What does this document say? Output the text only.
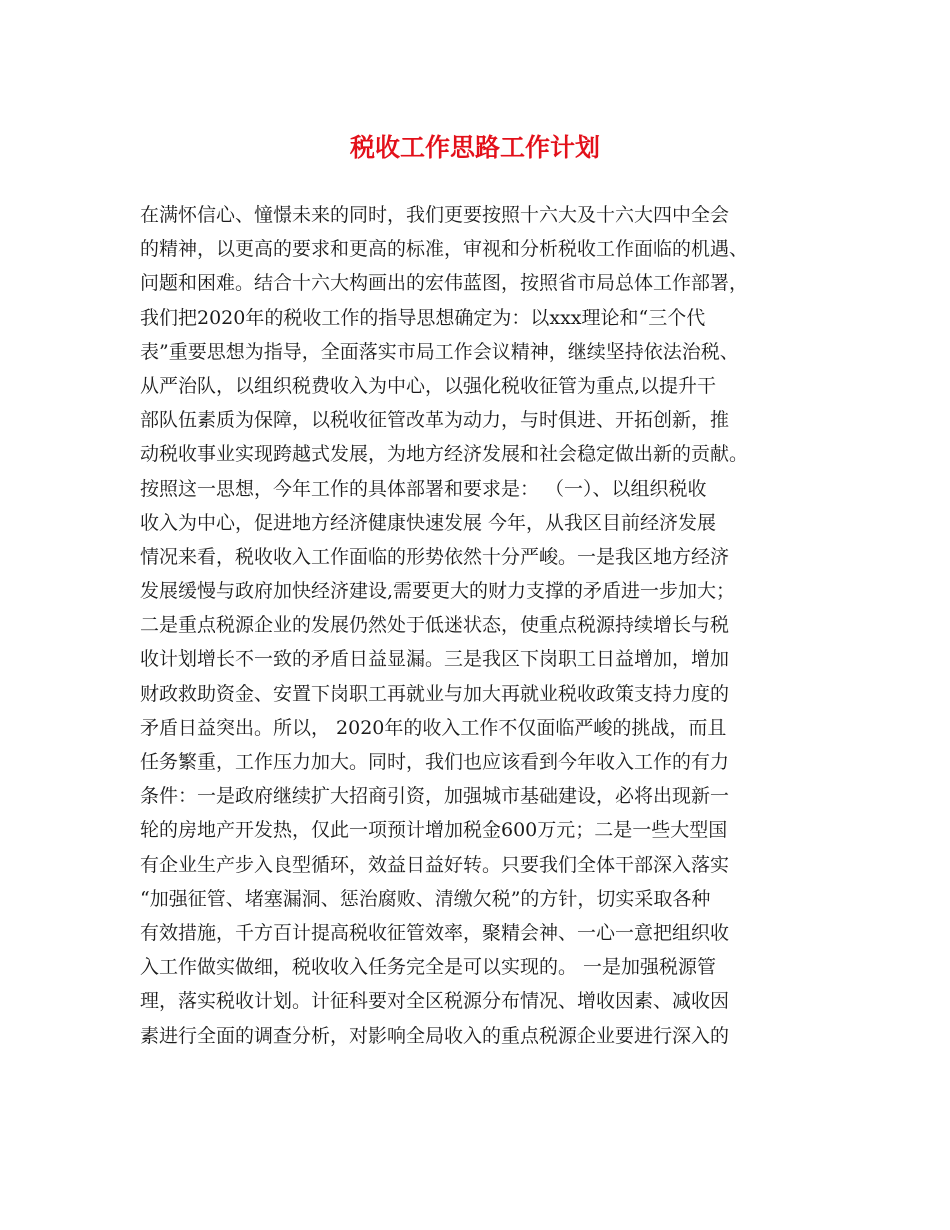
税收工作思路工作计划

在满怀信心、憧憬未来的同时，我们更要按照十六大及十六大四中全会

的精神，以更高的要求和更高的标准，审视和分析税收工作面临的机遇、

问题和困难。结合十六大构画出的宏伟蓝图，按照省市局总体工作部署，

我们把2020年的税收工作的指导思想确定为：以xxx理论和“三个代

表”重要思想为指导，全面落实市局工作会议精神，继续坚持依法治税、

从严治队，以组织税费收入为中心，以强化税收征管为重点,以提升干

部队伍素质为保障，以税收征管改革为动力，与时俱进、开拓创新，推

动税收事业实现跨越式发展，为地方经济发展和社会稳定做出新的贡献。

按照这一思想，今年工作的具体部署和要求是： （一）、以组织税收

收入为中心，促进地方经济健康快速发展 今年，从我区目前经济发展

情况来看，税收收入工作面临的形势依然十分严峻。一是我区地方经济

发展缓慢与政府加快经济建设,需要更大的财力支撑的矛盾进一步加大；

二是重点税源企业的发展仍然处于低迷状态，使重点税源持续增长与税

收计划增长不一致的矛盾日益显漏。三是我区下岗职工日益增加，增加

财政救助资金、安置下岗职工再就业与加大再就业税收政策支持力度的

矛盾日益突出。所以， 2020年的收入工作不仅面临严峻的挑战，而且

任务繁重，工作压力加大。同时，我们也应该看到今年收入工作的有力

条件：一是政府继续扩大招商引资，加强城市基础建设，必将出现新一

轮的房地产开发热，仅此一项预计增加税金600万元；二是一些大型国

有企业生产步入良型循环，效益日益好转。只要我们全体干部深入落实

“加强征管、堵塞漏洞、惩治腐败、清缴欠税”的方针，切实采取各种

有效措施，千方百计提高税收征管效率，聚精会神、一心一意把组织收

入工作做实做细，税收收入任务完全是可以实现的。 一是加强税源管

理，落实税收计划。计征科要对全区税源分布情况、增收因素、减收因

素进行全面的调查分析，对影响全局收入的重点税源企业要进行深入的
